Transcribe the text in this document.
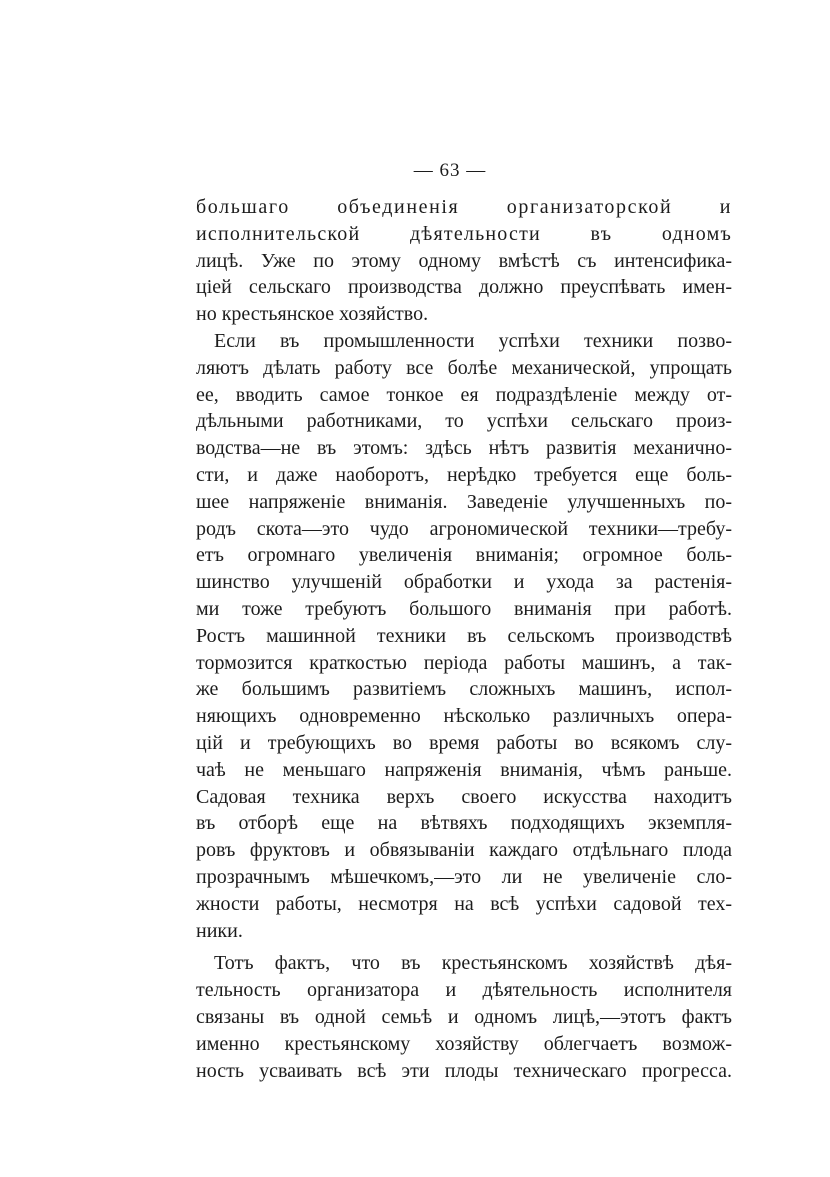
— 63 —

большаго объединенія организаторской и
исполнительской дѣятельности въ одномъ
лицѣ. Уже по этому одному вмѣстѣ съ интенсифика-
ціей сельскаго производства должно преуспѣвать имен-
но крестьянское хозяйство.
Если въ промышленности успѣхи техники позво-
ляютъ дѣлать работу все болѣе механической, упрощать
ее, вводить самое тонкое ея подраздѣленіе между от-
дѣльными работниками, то успѣхи сельскаго произ-
водства—не въ этомъ: здѣсь нѣтъ развитія механично-
сти, и даже наоборотъ, нерѣдко требуется еще боль-
шее напряженіе вниманія. Заведеніе улучшенныхъ по-
родъ скота—это чудо агрономической техники—требу-
етъ огромнаго увеличенія вниманія; огромное боль-
шинство улучшеній обработки и ухода за растенія-
ми тоже требуютъ большого вниманія при работѣ.
Ростъ машинной техники въ сельскомъ производствѣ
тормозится краткостью періода работы машинъ, а так-
же большимъ развитіемъ сложныхъ машинъ, испол-
няющихъ одновременно нѣсколько различныхъ опера-
цій и требующихъ во время работы во всякомъ слу-
чаѣ не меньшаго напряженія вниманія, чѣмъ раньше.
Садовая техника верхъ своего искусства находитъ
въ отборѣ еще на вѣтвяхъ подходящихъ экземпля-
ровъ фруктовъ и обвязываніи каждаго отдѣльнаго плода
прозрачнымъ мѣшечкомъ,—это ли не увеличеніе сло-
жности работы, несмотря на всѣ успѣхи садовой тех-
ники.
Тотъ фактъ, что въ крестьянскомъ хозяйствѣ дѣя-
тельность организатора и дѣятельность исполнителя
связаны въ одной семьѣ и одномъ лицѣ,—этотъ фактъ
именно крестьянскому хозяйству облегчаетъ возмож-
ность усваивать всѣ эти плоды техническаго прогресса.
